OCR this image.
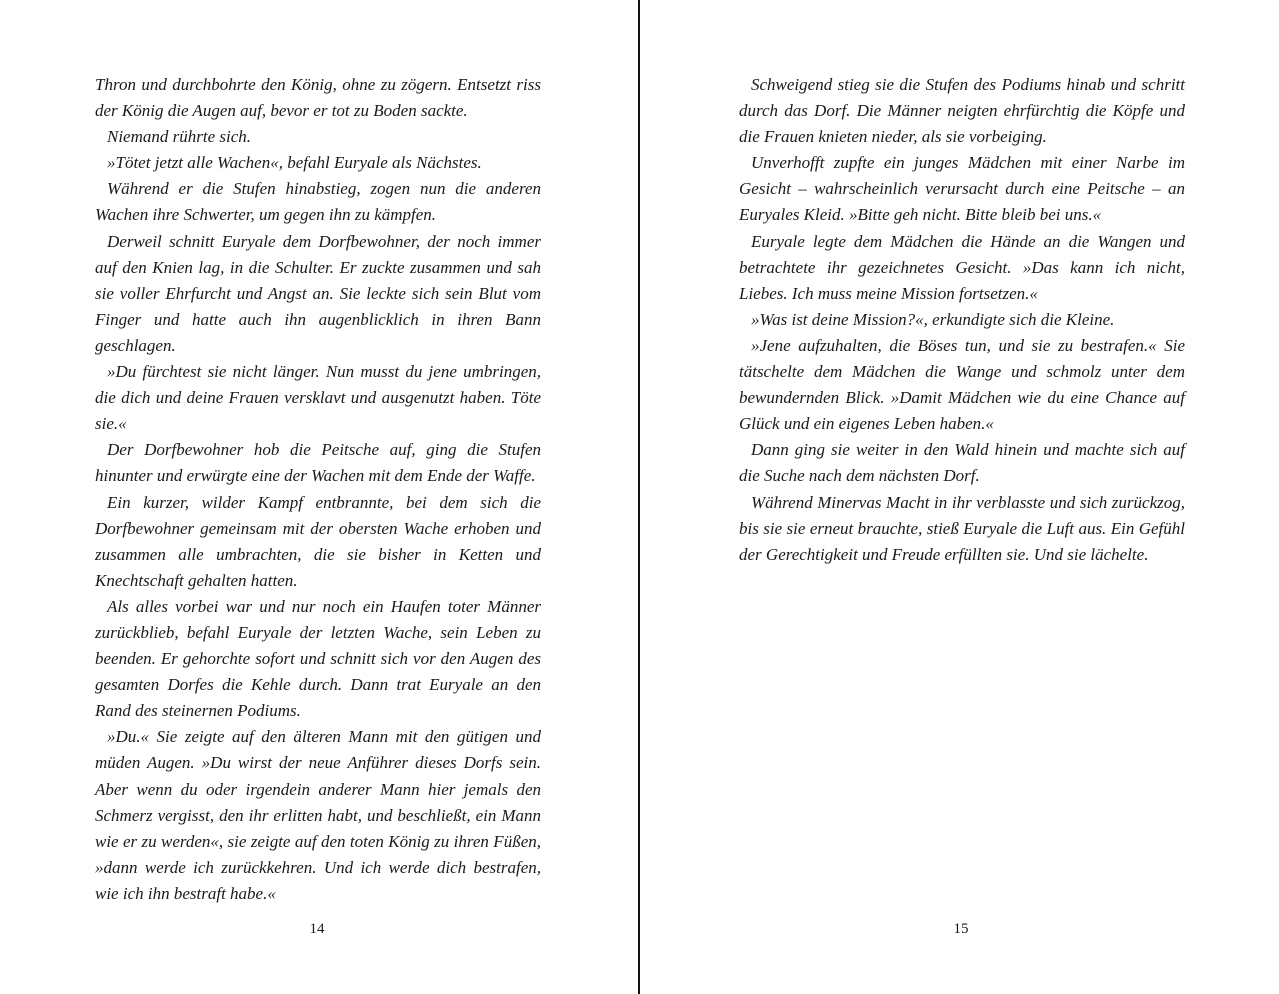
Thron und durchbohrte den König, ohne zu zögern. Entsetzt riss der König die Augen auf, bevor er tot zu Boden sackte.

Niemand rührte sich.

»Tötet jetzt alle Wachen«, befahl Euryale als Nächstes.

Während er die Stufen hinabstieg, zogen nun die anderen Wachen ihre Schwerter, um gegen ihn zu kämpfen.

Derweil schnitt Euryale dem Dorfbewohner, der noch immer auf den Knien lag, in die Schulter. Er zuckte zusammen und sah sie voller Ehrfurcht und Angst an. Sie leckte sich sein Blut vom Finger und hatte auch ihn augenblicklich in ihren Bann geschlagen.

»Du fürchtest sie nicht länger. Nun musst du jene umbringen, die dich und deine Frauen versklavt und ausgenutzt haben. Töte sie.«

Der Dorfbewohner hob die Peitsche auf, ging die Stufen hinunter und erwürgte eine der Wachen mit dem Ende der Waffe.

Ein kurzer, wilder Kampf entbrannte, bei dem sich die Dorfbewohner gemeinsam mit der obersten Wache erhoben und zusammen alle umbrachten, die sie bisher in Ketten und Knechtschaft gehalten hatten.

Als alles vorbei war und nur noch ein Haufen toter Männer zurückblieb, befahl Euryale der letzten Wache, sein Leben zu beenden. Er gehorchte sofort und schnitt sich vor den Augen des gesamten Dorfes die Kehle durch. Dann trat Euryale an den Rand des steinernen Podiums.

»Du.« Sie zeigte auf den älteren Mann mit den gütigen und müden Augen. »Du wirst der neue Anführer dieses Dorfs sein. Aber wenn du oder irgendein anderer Mann hier jemals den Schmerz vergisst, den ihr erlitten habt, und beschließt, ein Mann wie er zu werden«, sie zeigte auf den toten König zu ihren Füßen, »dann werde ich zurückkehren. Und ich werde dich bestrafen, wie ich ihn bestraft habe.«

14

Schweigend stieg sie die Stufen des Podiums hinab und schritt durch das Dorf. Die Männer neigten ehrfürchtig die Köpfe und die Frauen knieten nieder, als sie vorbeiging.

Unverhofft zupfte ein junges Mädchen mit einer Narbe im Gesicht – wahrscheinlich verursacht durch eine Peitsche – an Euryales Kleid. »Bitte geh nicht. Bitte bleib bei uns.«

Euryale legte dem Mädchen die Hände an die Wangen und betrachtete ihr gezeichnetes Gesicht. »Das kann ich nicht, Liebes. Ich muss meine Mission fortsetzen.«

»Was ist deine Mission?«, erkundigte sich die Kleine.

»Jene aufzuhalten, die Böses tun, und sie zu bestrafen.« Sie tätschelte dem Mädchen die Wange und schmolz unter dem bewundernden Blick. »Damit Mädchen wie du eine Chance auf Glück und ein eigenes Leben haben.«

Dann ging sie weiter in den Wald hinein und machte sich auf die Suche nach dem nächsten Dorf.

Während Minervas Macht in ihr verblasste und sich zurückzog, bis sie sie erneut brauchte, stieß Euryale die Luft aus. Ein Gefühl der Gerechtigkeit und Freude erfüllten sie. Und sie lächelte.

15
